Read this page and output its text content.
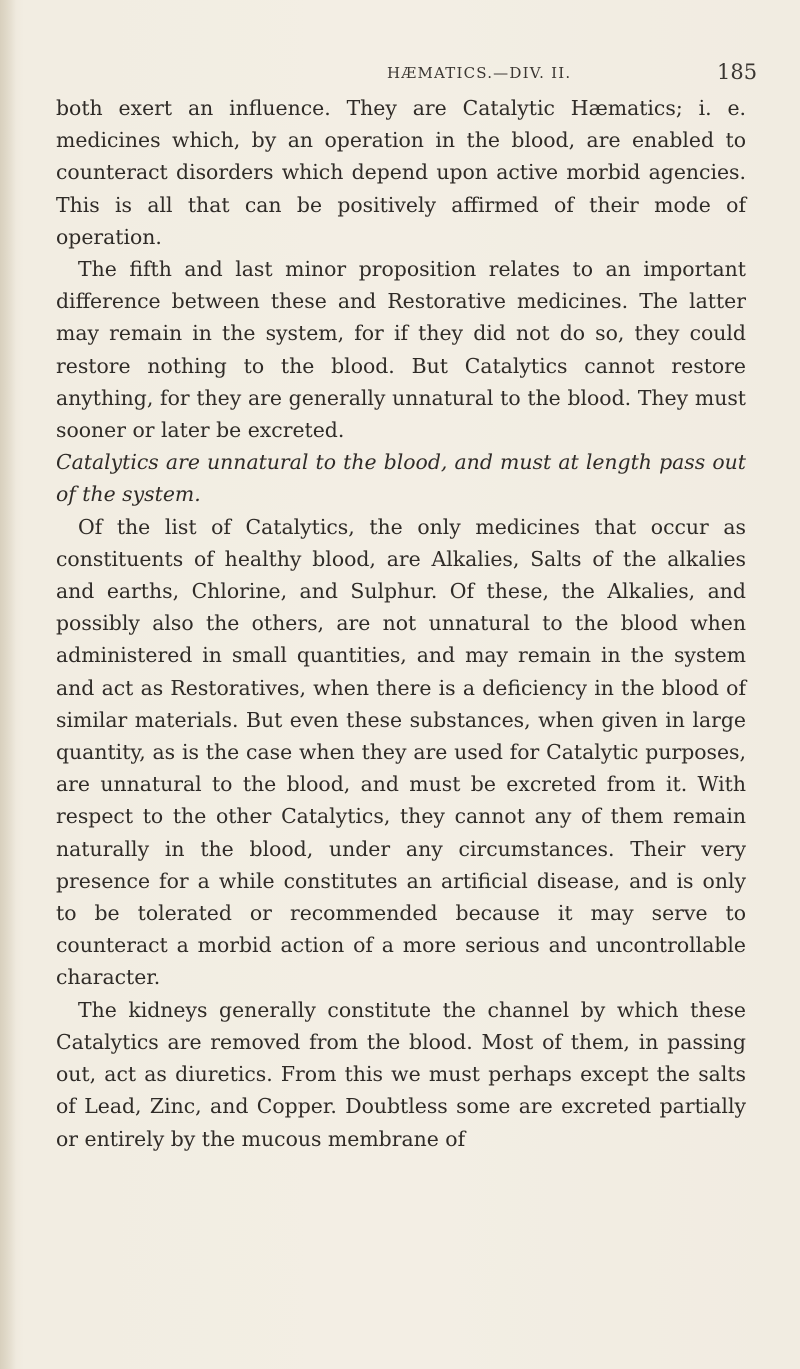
HÆMATICS.—DIV. II.	185

both exert an influence. They are Catalytic Hæmatics; i. e. medicines which, by an operation in the blood, are enabled to counteract disorders which depend upon active morbid agencies. This is all that can be positively affirmed of their mode of operation.

The fifth and last minor proposition relates to an important difference between these and Restorative medicines. The latter may remain in the system, for if they did not do so, they could restore nothing to the blood. But Catalytics cannot restore anything, for they are generally unnatural to the blood. They must sooner or later be excreted.

Catalytics are unnatural to the blood, and must at length pass out of the system.

Of the list of Catalytics, the only medicines that occur as constituents of healthy blood, are Alkalies, Salts of the alkalies and earths, Chlorine, and Sulphur. Of these, the Alkalies, and possibly also the others, are not unnatural to the blood when administered in small quantities, and may remain in the system and act as Restoratives, when there is a deficiency in the blood of similar materials. But even these substances, when given in large quantity, as is the case when they are used for Catalytic purposes, are unnatural to the blood, and must be excreted from it. With respect to the other Catalytics, they cannot any of them remain naturally in the blood, under any circumstances. Their very presence for a while constitutes an artificial disease, and is only to be tolerated or recommended because it may serve to counteract a morbid action of a more serious and uncontrollable character.

The kidneys generally constitute the channel by which these Catalytics are removed from the blood. Most of them, in passing out, act as diuretics. From this we must perhaps except the salts of Lead, Zinc, and Copper. Doubtless some are excreted partially or entirely by the mucous membrane of
